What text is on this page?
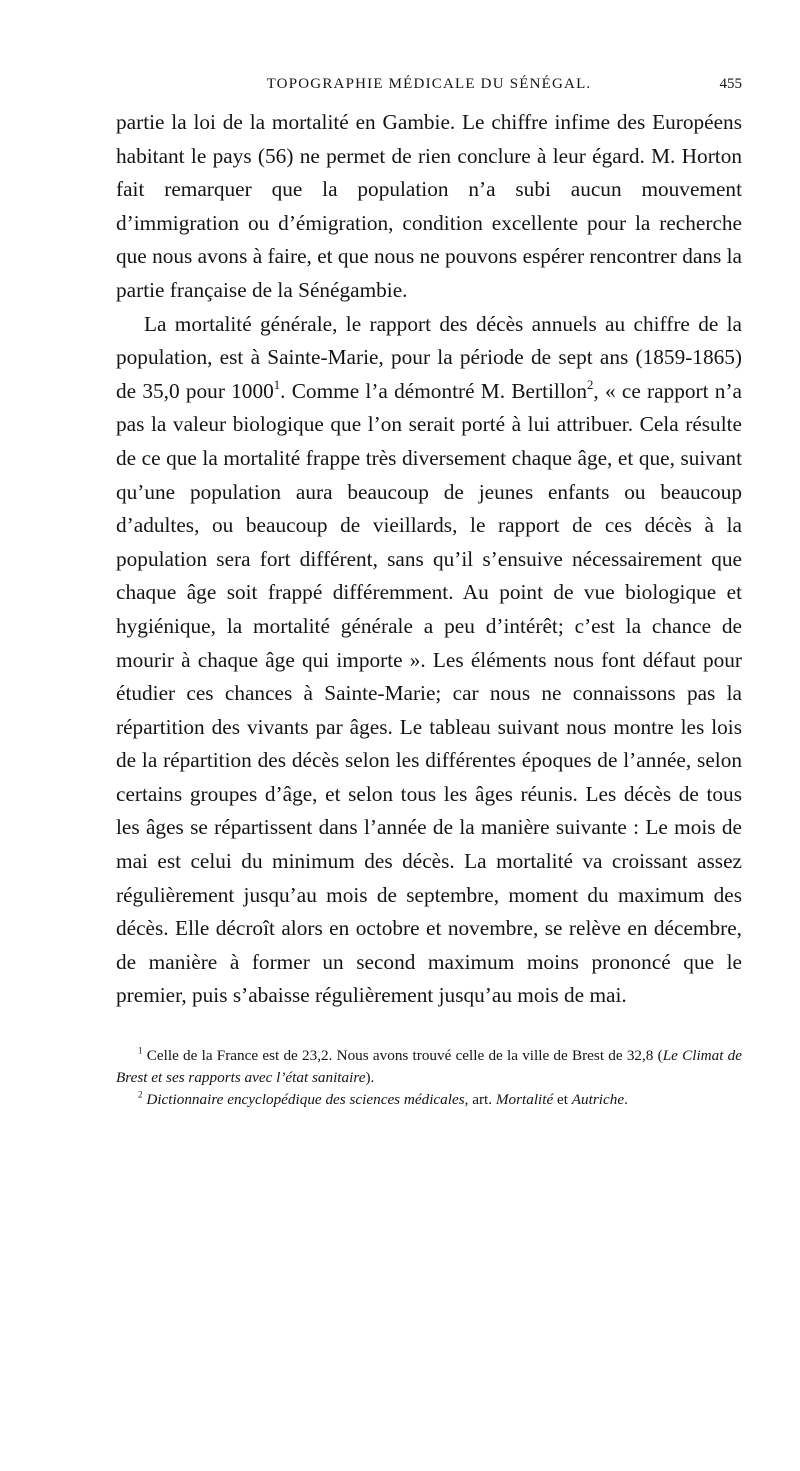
TOPOGRAPHIE MÉDICALE DU SÉNÉGAL.	455

partie la loi de la mortalité en Gambie. Le chiffre infime des Européens habitant le pays (56) ne permet de rien conclure à leur égard. M. Horton fait remarquer que la population n’a subi aucun mouvement d’immigration ou d’émigration, condition excellente pour la recherche que nous avons à faire, et que nous ne pouvons espérer rencontrer dans la partie française de la Sénégambie.

La mortalité générale, le rapport des décès annuels au chiffre de la population, est à Sainte-Marie, pour la période de sept ans (1859-1865) de 35,0 pour 1000$^1$. Comme l’a démontré M. Bertillon$^2$, « ce rapport n’a pas la valeur biologique que l’on serait porté à lui attribuer. Cela résulte de ce que la mortalité frappe très diversement chaque âge, et que, suivant qu’une population aura beaucoup de jeunes enfants ou beaucoup d’adultes, ou beaucoup de vieillards, le rapport de ces décès à la population sera fort différent, sans qu’il s’ensuive nécessairement que chaque âge soit frappé différemment. Au point de vue biologique et hygiénique, la mortalité générale a peu d’intérêt; c’est la chance de mourir à chaque âge qui importe ». Les éléments nous font défaut pour étudier ces chances à Sainte-Marie; car nous ne connaissons pas la répartition des vivants par âges. Le tableau suivant nous montre les lois de la répartition des décès selon les différentes époques de l’année, selon certains groupes d’âge, et selon tous les âges réunis. Les décès de tous les âges se répartissent dans l’année de la manière suivante : Le mois de mai est celui du minimum des décès. La mortalité va croissant assez régulièrement jusqu’au mois de septembre, moment du maximum des décès. Elle décroît alors en octobre et novembre, se relève en décembre, de manière à former un second maximum moins prononcé que le premier, puis s’abaisse régulièrement jusqu’au mois de mai.

$^1$ Celle de la France est de 23,2. Nous avons trouvé celle de la ville de Brest de 32,8 (Le Climat de Brest et ses rapports avec l’état sanitaire).

$^2$ Dictionnaire encyclopédique des sciences médicales, art. Mortalité et Autriche.
